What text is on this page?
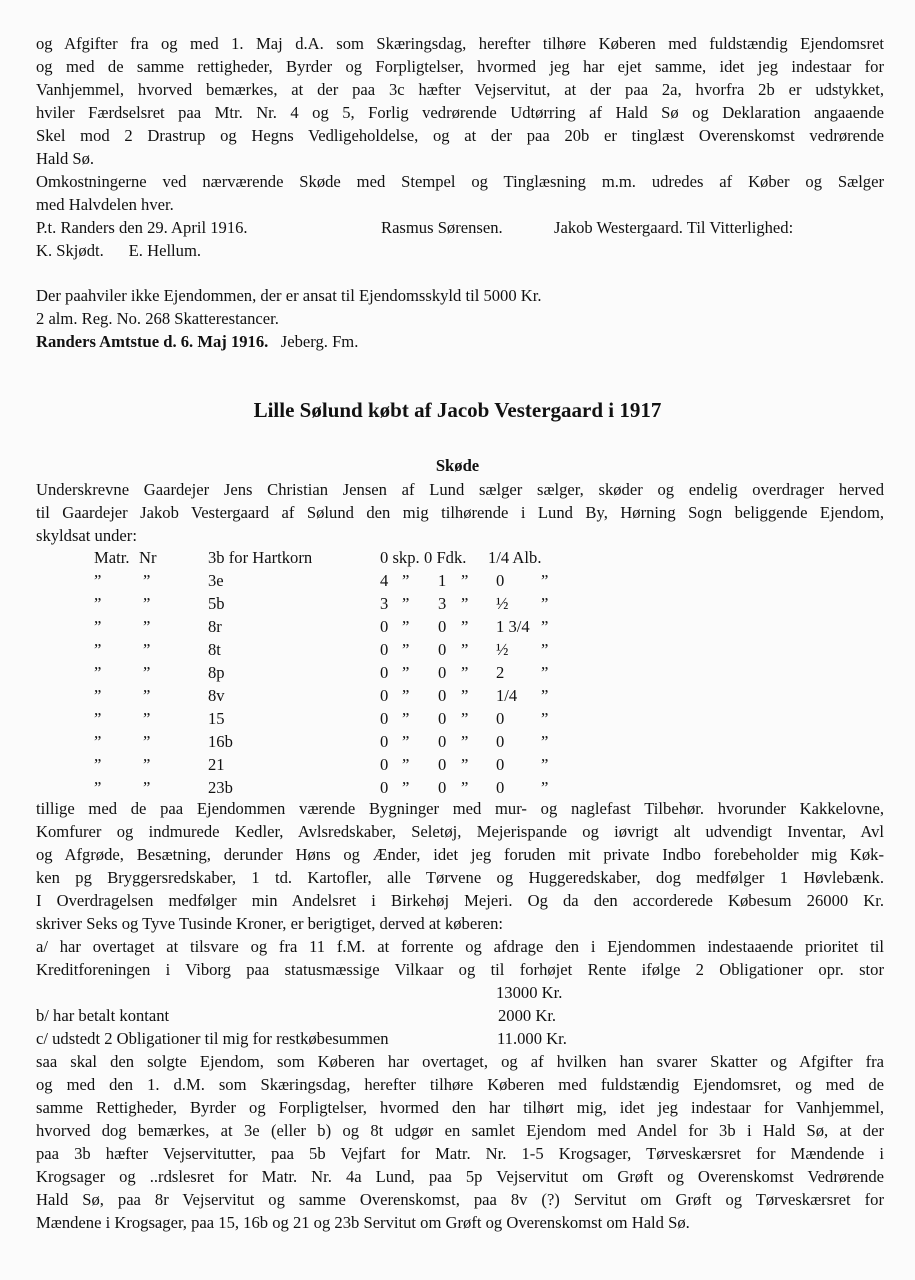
og Afgifter fra og med 1. Maj d.A. som Skæringsdag, herefter tilhøre Køberen med fuldstændig Ejendomsret
og med de samme rettigheder, Byrder og Forpligtelser, hvormed jeg har ejet samme, idet jeg indestaar for
Vanhjemmel, hvorved bemærkes, at der paa 3c hæfter Vejservitut, at der paa 2a, hvorfra 2b er udstykket,
hviler Færdselsret paa Mtr. Nr. 4 og 5, Forlig vedrørende Udtørring af Hald Sø og Deklaration angaaende
Skel mod 2 Drastrup og Hegns Vedligeholdelse, og at der paa 20b er tinglæst Overenskomst vedrørende
Hald Sø.
Omkostningerne ved nærværende Skøde med Stempel og Tinglæsning m.m. udredes af Køber og Sælger
med Halvdelen hver.
P.t. Randers den 29. April 1916.	Rasmus Sørensen.	Jakob Westergaard. Til Vitterlighed:
K. Skjødt.      E. Hellum.
Der paahviler ikke Ejendommen, der er ansat til Ejendomsskyld til 5000 Kr.
2 alm. Reg. No. 268 Skatterestancer.
Randers Amtstue d. 6. Maj 1916. Jeberg. Fm.
Lille Sølund købt af Jacob Vestergaard i 1917
Skøde
Underskrevne Gaardejer Jens Christian Jensen af Lund sælger sælger, skøder og endelig overdrager herved
til Gaardejer Jakob Vestergaard af Sølund den mig tilhørende i Lund By, Hørning Sogn beliggende Ejendom,
skyldsat under:
Matr. Nr	3b for Hartkorn	0 skp. 0 Fdk. 1/4 Alb.
”	”	3e	4 ” 1 ” 0 ”
”	”	5b	3 ” 3 ” ½ ”
”	”	8r	0 ” 0 ” 1 3/4 ”
”	”	8t	0 ” 0 ” ½ ”
”	”	8p	0 ” 0 ” 2 ”
”	”	8v	0 ” 0 ” 1/4 ”
”	”	15	0 ” 0 ” 0 ”
”	”	16b	0 ” 0 ” 0 ”
”	”	21	0 ” 0 ” 0 ”
”	”	23b	0 ” 0 ” 0 ”
tillige med de paa Ejendommen værende Bygninger med mur- og naglefast Tilbehør. hvorunder Kakkelovne,
Komfurer og indmurede Kedler, Avlsredskaber, Seletøj, Mejerispande og iøvrigt alt udvendigt Inventar, Avl
og Afgrøde, Besætning, derunder Høns og Ænder, idet jeg foruden mit private Indbo forebeholder mig Køk-
ken pg Bryggersredskaber, 1 td. Kartofler, alle Tørvene og Huggeredskaber, dog medfølger 1 Høvlebænk.
I Overdragelsen medfølger min Andelsret i Birkehøj Mejeri. Og da den accorderede Købesum 26000 Kr.
skriver Seks og Tyve Tusinde Kroner, er berigtiget, derved at køberen:
a/ har overtaget at tilsvare og fra 11 f.M. at forrente og afdrage den i Ejendommen indestaaende prioritet til
Kreditforeningen i Viborg paa statusmæssige Vilkaar og til forhøjet Rente ifølge 2 Obligationer opr. stor
13000 Kr.
b/ har betalt kontant	2000 Kr.
c/ udstedt 2 Obligationer til mig for restkøbesummen	11.000 Kr.
saa skal den solgte Ejendom, som Køberen har overtaget, og af hvilken han svarer Skatter og Afgifter fra
og med den 1. d.M. som Skæringsdag, herefter tilhøre Køberen med fuldstændig Ejendomsret, og med de
samme Rettigheder, Byrder og Forpligtelser, hvormed den har tilhørt mig, idet jeg indestaar for Vanhjemmel,
hvorved dog bemærkes, at 3e (eller b) og 8t udgør en samlet Ejendom med Andel for 3b i Hald Sø, at der
paa 3b hæfter Vejservitutter, paa 5b Vejfart for Matr. Nr. 1-5 Krogsager, Tørveskærsret for Mændende i
Krogsager og ..rdslesret for Matr. Nr. 4a Lund, paa 5p Vejservitut om Grøft og Overenskomst Vedrørende
Hald Sø, paa 8r Vejservitut og samme Overenskomst, paa 8v (?) Servitut om Grøft og Tørveskærsret for
Mændene i Krogsager, paa 15, 16b og 21 og 23b Servitut om Grøft og Overenskomst om Hald Sø.
